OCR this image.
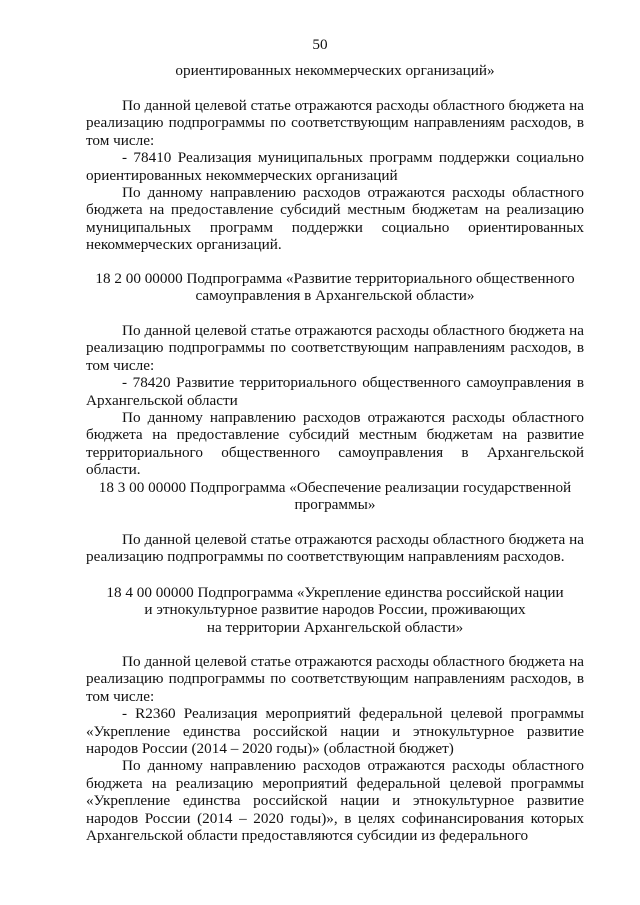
50
ориентированных некоммерческих организаций»

По данной целевой статье отражаются расходы областного бюджета на реализацию подпрограммы по соответствующим направлениям расходов, в том числе:

- 78410 Реализация муниципальных программ поддержки социально ориентированных некоммерческих организаций

По данному направлению расходов отражаются расходы областного бюджета на предоставление субсидий местным бюджетам на реализацию муниципальных программ поддержки социально ориентированных некоммерческих организаций.

18 2 00 00000 Подпрограмма «Развитие территориального общественного
самоуправления в Архангельской области»

По данной целевой статье отражаются расходы областного бюджета на реализацию подпрограммы по соответствующим направлениям расходов, в том числе:

- 78420 Развитие территориального общественного самоуправления в Архангельской области

По данному направлению расходов отражаются расходы областного бюджета на предоставление субсидий местным бюджетам на развитие территориального общественного самоуправления в Архангельской области.

18 3 00 00000 Подпрограмма «Обеспечение реализации государственной
программы»

По данной целевой статье отражаются расходы областного бюджета на реализацию подпрограммы по соответствующим направлениям расходов.

18 4 00 00000 Подпрограмма «Укрепление единства российской нации
и этнокультурное развитие народов России, проживающих
на территории Архангельской области»

По данной целевой статье отражаются расходы областного бюджета на реализацию подпрограммы по соответствующим направлениям расходов, в том числе:

- R2360 Реализация мероприятий федеральной целевой программы «Укрепление единства российской нации и этнокультурное развитие народов России (2014 – 2020 годы)» (областной бюджет)

По данному направлению расходов отражаются расходы областного бюджета на реализацию мероприятий федеральной целевой программы «Укрепление единства российской нации и этнокультурное развитие народов России (2014 – 2020 годы)», в целях софинансирования которых Архангельской области предоставляются субсидии из федерального
